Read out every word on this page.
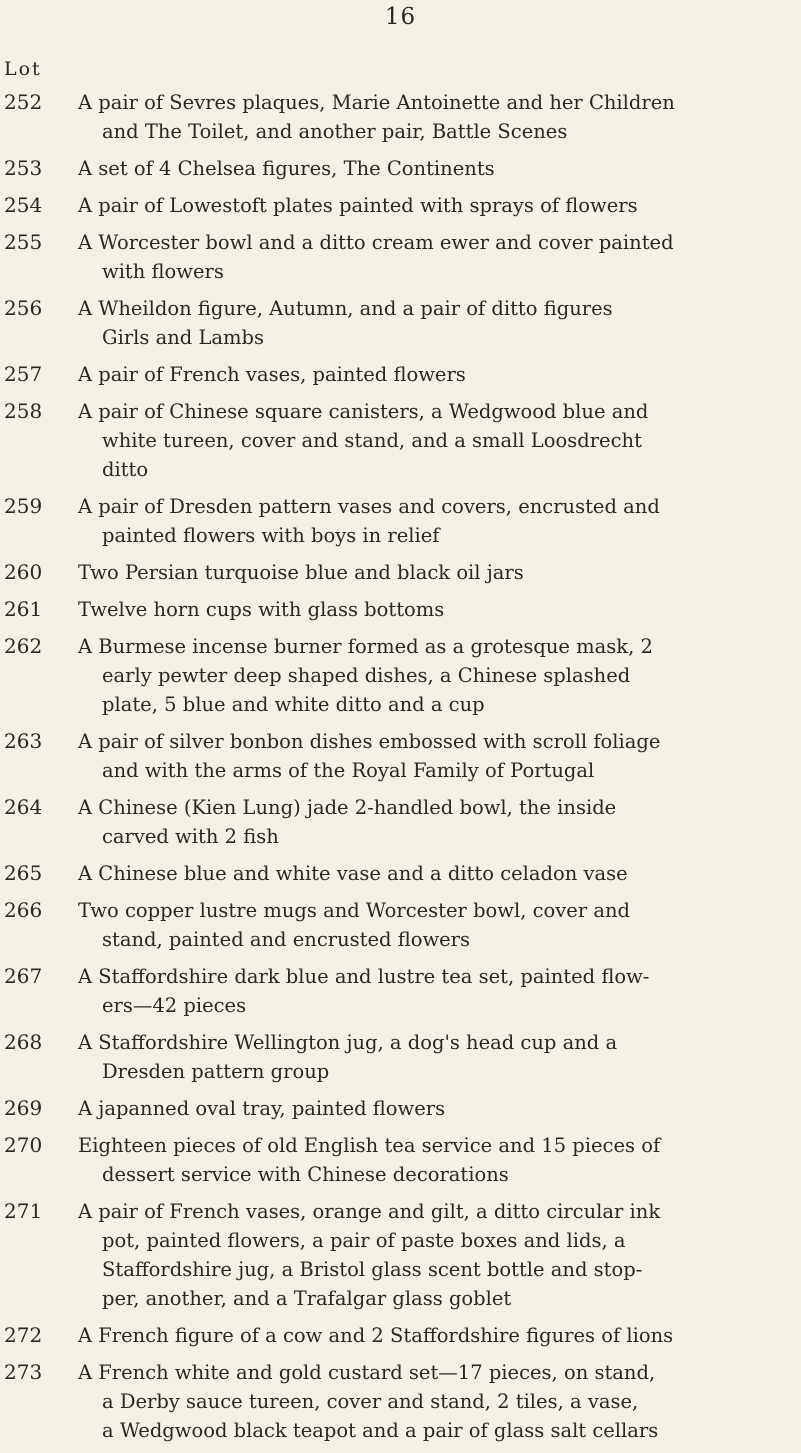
16
Lot
252 A pair of Sevres plaques, Marie Antoinette and her Children
and The Toilet, and another pair, Battle Scenes
253 A set of 4 Chelsea figures, The Continents
254 A pair of Lowestoft plates painted with sprays of flowers
255 A Worcester bowl and a ditto cream ewer and cover painted
with flowers
256 A Wheildon figure, Autumn, and a pair of ditto figures
Girls and Lambs
257 A pair of French vases, painted flowers
258 A pair of Chinese square canisters, a Wedgwood blue and
white tureen, cover and stand, and a small Loosdrecht
ditto
259 A pair of Dresden pattern vases and covers, encrusted and
painted flowers with boys in relief
260 Two Persian turquoise blue and black oil jars
261 Twelve horn cups with glass bottoms
262 A Burmese incense burner formed as a grotesque mask, 2
early pewter deep shaped dishes, a Chinese splashed
plate, 5 blue and white ditto and a cup
263 A pair of silver bonbon dishes embossed with scroll foliage
and with the arms of the Royal Family of Portugal
264 A Chinese (Kien Lung) jade 2-handled bowl, the inside
carved with 2 fish
265 A Chinese blue and white vase and a ditto celadon vase
266 Two copper lustre mugs and Worcester bowl, cover and
stand, painted and encrusted flowers
267 A Staffordshire dark blue and lustre tea set, painted flow-
ers—42 pieces
268 A Staffordshire Wellington jug, a dog's head cup and a
Dresden pattern group
269 A japanned oval tray, painted flowers
270 Eighteen pieces of old English tea service and 15 pieces of
dessert service with Chinese decorations
271 A pair of French vases, orange and gilt, a ditto circular ink
pot, painted flowers, a pair of paste boxes and lids, a
Staffordshire jug, a Bristol glass scent bottle and stop-
per, another, and a Trafalgar glass goblet
272 A French figure of a cow and 2 Staffordshire figures of lions
273 A French white and gold custard set—17 pieces, on stand,
a Derby sauce tureen, cover and stand, 2 tiles, a vase,
a Wedgwood black teapot and a pair of glass salt cellars
